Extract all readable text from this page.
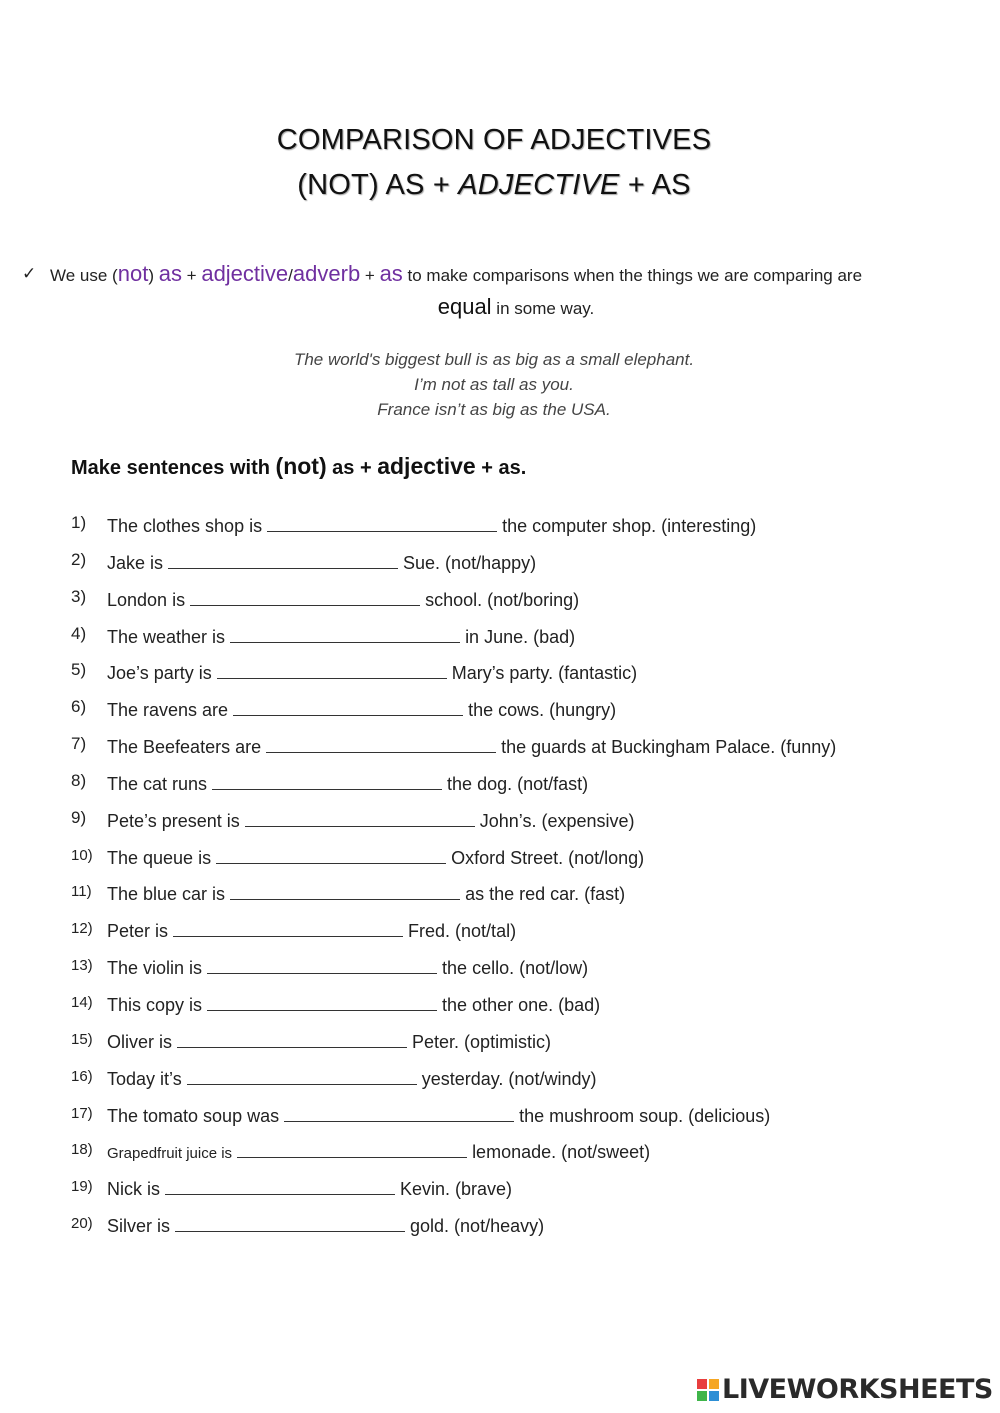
COMPARISON OF ADJECTIVES
(NOT) AS + ADJECTIVE + AS
✓ We use (not) as + adjective/adverb + as to make comparisons when the things we are comparing are
equal in some way.
The world's biggest bull is as big as a small elephant.
I’m not as tall as you.
France isn’t as big as the USA.
Make sentences with (not) as + adjective + as.
1)	The clothes shop is	the computer shop. (interesting)
2)	Jake is	Sue. (not/happy)
3)	London is	school. (not/boring)
4)	The weather is	in June. (bad)
5)	Joe’s party is	Mary’s party. (fantastic)
6)	The ravens are	the cows. (hungry)
7)	The Beefeaters are	the guards at Buckingham Palace. (funny)
8)	The cat runs	the dog. (not/fast)
9)	Pete’s present is	John’s. (expensive)
10) The queue is	Oxford Street. (not/long)
11) The blue car is	as the red car. (fast)
12) Peter is	Fred. (not/tal)
13) The violin is	the cello. (not/low)
14) This copy is	the other one. (bad)
15) Oliver is	Peter. (optimistic)
16) Today it’s	yesterday. (not/windy)
17) The tomato soup was	the mushroom soup. (delicious)
18) Grapedfruit juice is	lemonade. (not/sweet)
19) Nick is	Kevin. (brave)
20) Silver is	gold. (not/heavy)
LIVEWORKSHEETS
